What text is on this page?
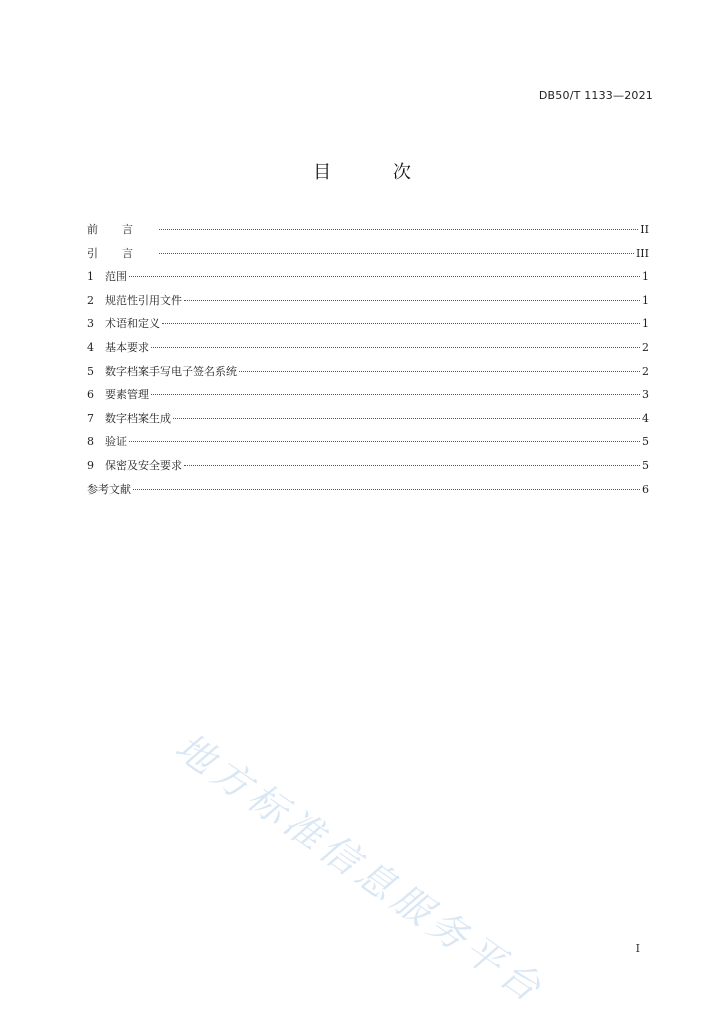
DB50/T 1133—2021
目 次
前言	II
引言	III
1	范围	1
2	规范性引用文件	1
3	术语和定义	1
4	基本要求	2
5	数字档案手写电子签名系统	2
6	要素管理	3
7	数字档案生成	4
8	验证	5
9	保密及安全要求	5
参考文献	6
地方标准信息服务平台	I
